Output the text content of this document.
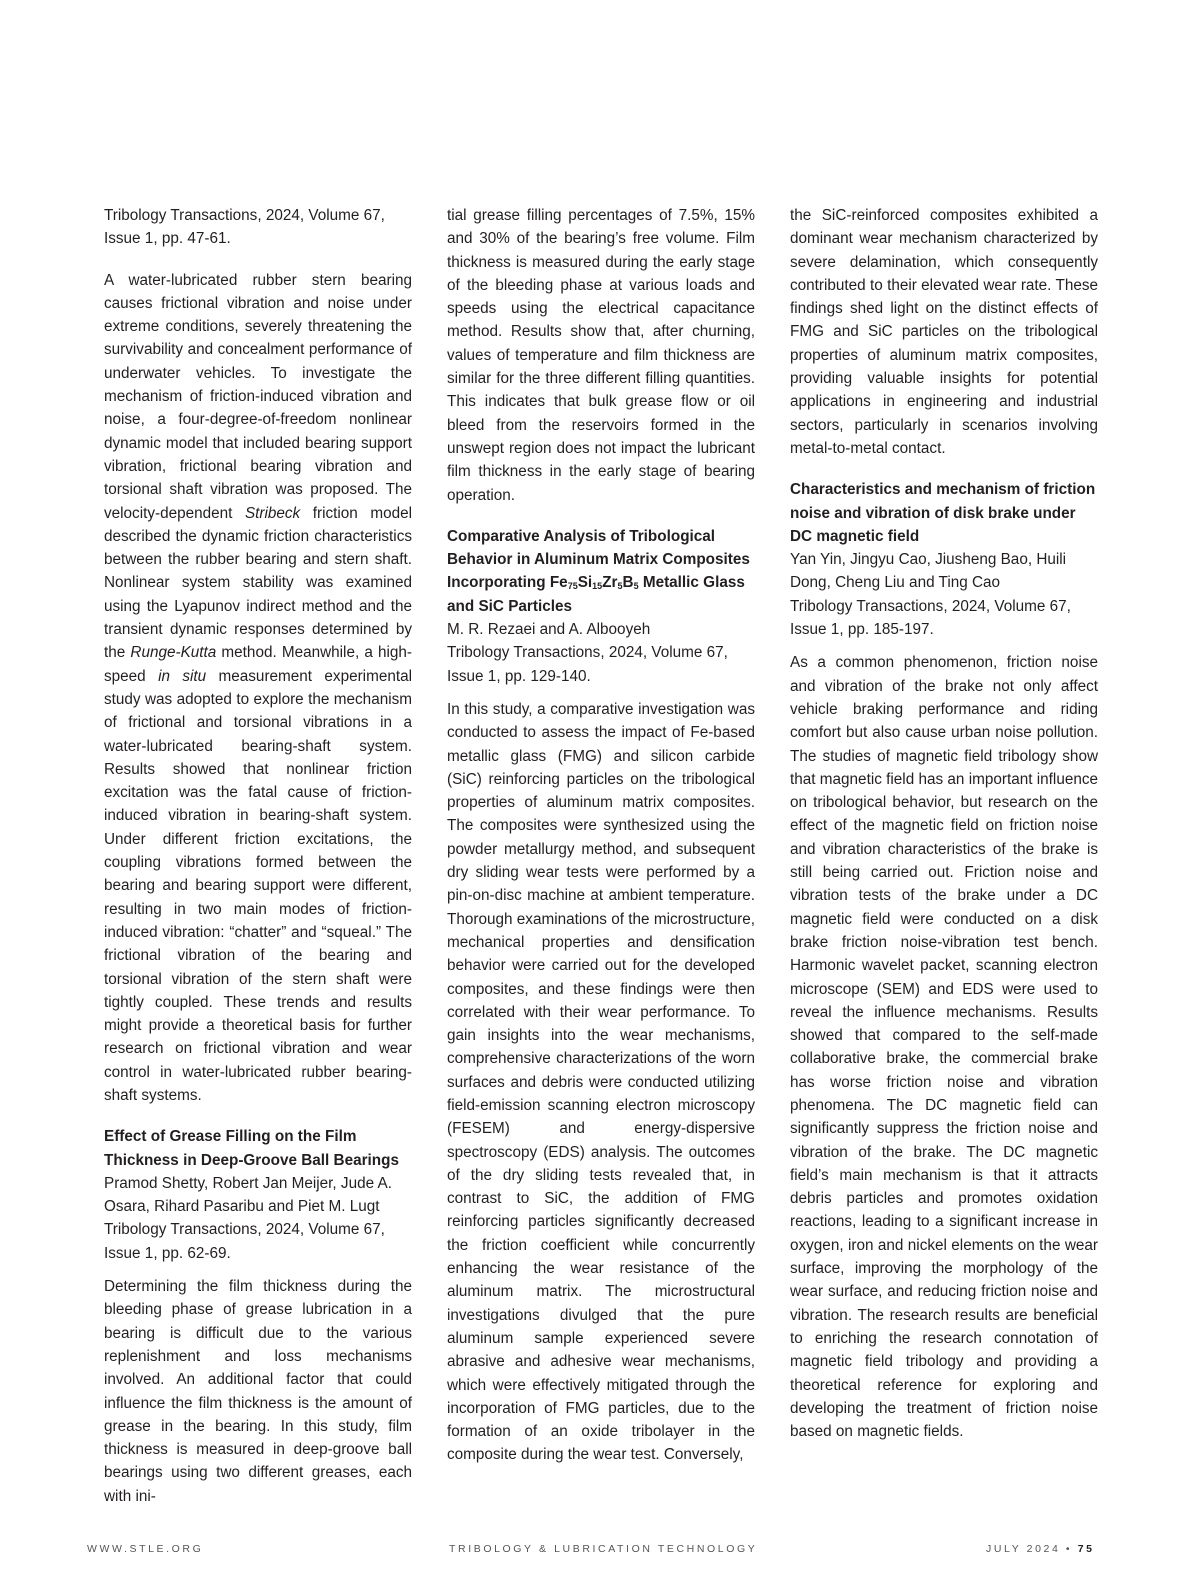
Tribology Transactions, 2024, Volume 67, Issue 1, pp. 47-61.

A water-lubricated rubber stern bearing causes frictional vibration and noise under extreme conditions, severely threatening the survivability and concealment performance of underwater vehicles. To investigate the mechanism of friction-induced vibration and noise, a four-degree-of-freedom nonlinear dynamic model that included bearing support vibration, frictional bearing vibration and torsional shaft vibration was proposed. The velocity-dependent Stribeck friction model described the dynamic friction characteristics between the rubber bearing and stern shaft. Nonlinear system stability was examined using the Lyapunov indirect method and the transient dynamic responses determined by the Runge-Kutta method. Meanwhile, a high-speed in situ measurement experimental study was adopted to explore the mechanism of frictional and torsional vibrations in a water-lubricated bearing-shaft system. Results showed that nonlinear friction excitation was the fatal cause of friction-induced vibration in bearing-shaft system. Under different friction excitations, the coupling vibrations formed between the bearing and bearing support were different, resulting in two main modes of friction-induced vibration: “chatter” and “squeal.” The frictional vibration of the bearing and torsional vibration of the stern shaft were tightly coupled. These trends and results might provide a theoretical basis for further research on frictional vibration and wear control in water-lubricated rubber bearing-shaft systems.

Effect of Grease Filling on the Film Thickness in Deep-Groove Ball Bearings
Pramod Shetty, Robert Jan Meijer, Jude A. Osara, Rihard Pasaribu and Piet M. Lugt
Tribology Transactions, 2024, Volume 67, Issue 1, pp. 62-69.

Determining the film thickness during the bleeding phase of grease lubrication in a bearing is difficult due to the various replenishment and loss mechanisms involved. An additional factor that could influence the film thickness is the amount of grease in the bearing. In this study, film thickness is measured in deep-groove ball bearings using two different greases, each with ini-

tial grease filling percentages of 7.5%, 15% and 30% of the bearing’s free volume. Film thickness is measured during the early stage of the bleeding phase at various loads and speeds using the electrical capacitance method. Results show that, after churning, values of temperature and film thickness are similar for the three different filling quantities. This indicates that bulk grease flow or oil bleed from the reservoirs formed in the unswept region does not impact the lubricant film thickness in the early stage of bearing operation.

Comparative Analysis of Tribological Behavior in Aluminum Matrix Composites Incorporating $Fe_{75}Si_{15}Zr_5B_5$ Metallic Glass and SiC Particles
M. R. Rezaei and A. Albooyeh
Tribology Transactions, 2024, Volume 67, Issue 1, pp. 129-140.

In this study, a comparative investigation was conducted to assess the impact of Fe-based metallic glass (FMG) and silicon carbide (SiC) reinforcing particles on the tribological properties of aluminum matrix composites. The composites were synthesized using the powder metallurgy method, and subsequent dry sliding wear tests were performed by a pin-on-disc machine at ambient temperature. Thorough examinations of the microstructure, mechanical properties and densification behavior were carried out for the developed composites, and these findings were then correlated with their wear performance. To gain insights into the wear mechanisms, comprehensive characterizations of the worn surfaces and debris were conducted utilizing field-emission scanning electron microscopy (FESEM) and energy-dispersive spectroscopy (EDS) analysis. The outcomes of the dry sliding tests revealed that, in contrast to SiC, the addition of FMG reinforcing particles significantly decreased the friction coefficient while concurrently enhancing the wear resistance of the aluminum matrix. The microstructural investigations divulged that the pure aluminum sample experienced severe abrasive and adhesive wear mechanisms, which were effectively mitigated through the incorporation of FMG particles, due to the formation of an oxide tribolayer in the composite during the wear test. Conversely,

the SiC-reinforced composites exhibited a dominant wear mechanism characterized by severe delamination, which consequently contributed to their elevated wear rate. These findings shed light on the distinct effects of FMG and SiC particles on the tribological properties of aluminum matrix composites, providing valuable insights for potential applications in engineering and industrial sectors, particularly in scenarios involving metal-to-metal contact.

Characteristics and mechanism of friction noise and vibration of disk brake under DC magnetic field
Yan Yin, Jingyu Cao, Jiusheng Bao, Huili Dong, Cheng Liu and Ting Cao
Tribology Transactions, 2024, Volume 67, Issue 1, pp. 185-197.

As a common phenomenon, friction noise and vibration of the brake not only affect vehicle braking performance and riding comfort but also cause urban noise pollution. The studies of magnetic field tribology show that magnetic field has an important influence on tribological behavior, but research on the effect of the magnetic field on friction noise and vibration characteristics of the brake is still being carried out. Friction noise and vibration tests of the brake under a DC magnetic field were conducted on a disk brake friction noise-vibration test bench. Harmonic wavelet packet, scanning electron microscope (SEM) and EDS were used to reveal the influence mechanisms. Results showed that compared to the self-made collaborative brake, the commercial brake has worse friction noise and vibration phenomena. The DC magnetic field can significantly suppress the friction noise and vibration of the brake. The DC magnetic field’s main mechanism is that it attracts debris particles and promotes oxidation reactions, leading to a significant increase in oxygen, iron and nickel elements on the wear surface, improving the morphology of the wear surface, and reducing friction noise and vibration. The research results are beneficial to enriching the research connotation of magnetic field tribology and providing a theoretical reference for exploring and developing the treatment of friction noise based on magnetic fields.

WWW.STLE.ORG	TRIBOLOGY & LUBRICATION TECHNOLOGY	JULY 2024 • 75
